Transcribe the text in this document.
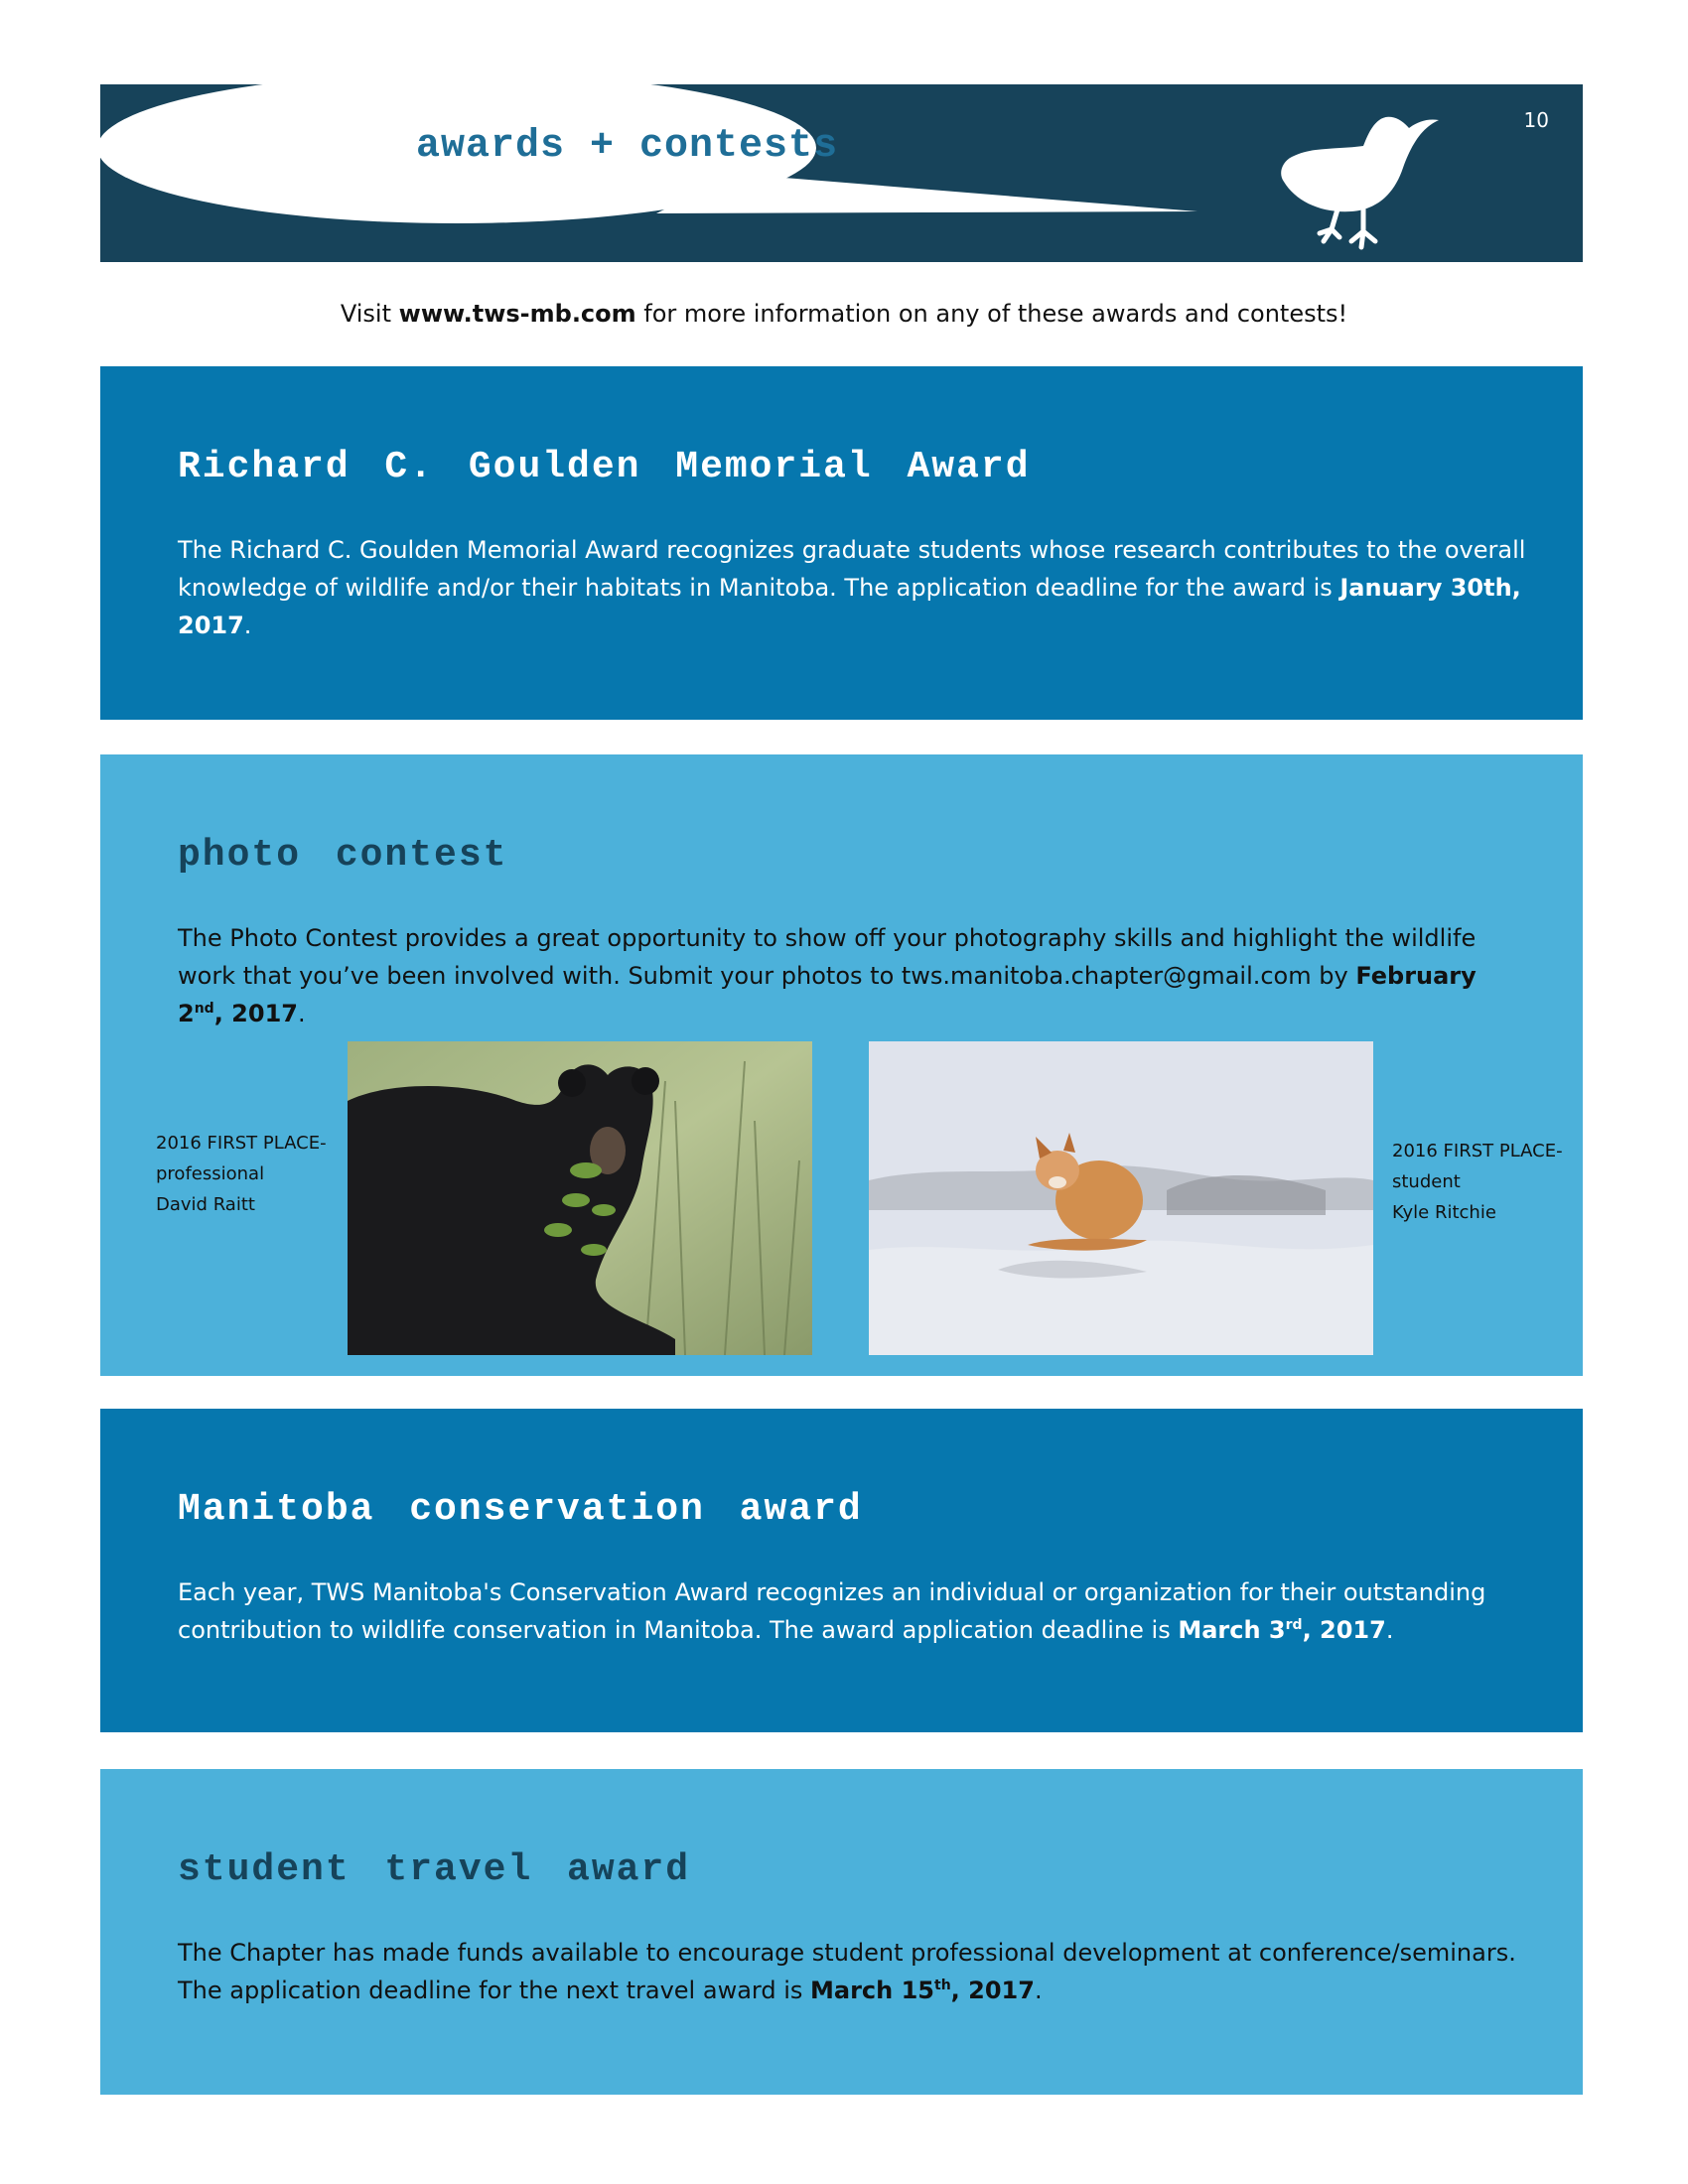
awards + contests
10
Visit www.tws-mb.com for more information on any of these awards and contests!
Richard C. Goulden Memorial Award

The Richard C. Goulden Memorial Award recognizes graduate students whose research contributes to the overall knowledge of wildlife and/or their habitats in Manitoba. The application deadline for the award is January 30th, 2017.

photo contest

The Photo Contest provides a great opportunity to show off your photography skills and highlight the wildlife work that you’ve been involved with. Submit your photos to tws.manitoba.chapter@gmail.com by February 2nd, 2017.

2016 FIRST PLACE-
professional
David Raitt
2016 FIRST PLACE-
student
Kyle Ritchie
Manitoba conservation award

Each year, TWS Manitoba's Conservation Award recognizes an individual or organization for their outstanding contribution to wildlife conservation in Manitoba. The award application deadline is March 3rd, 2017.

student travel award

The Chapter has made funds available to encourage student professional development at conference/seminars. The application deadline for the next travel award is March 15th, 2017.
